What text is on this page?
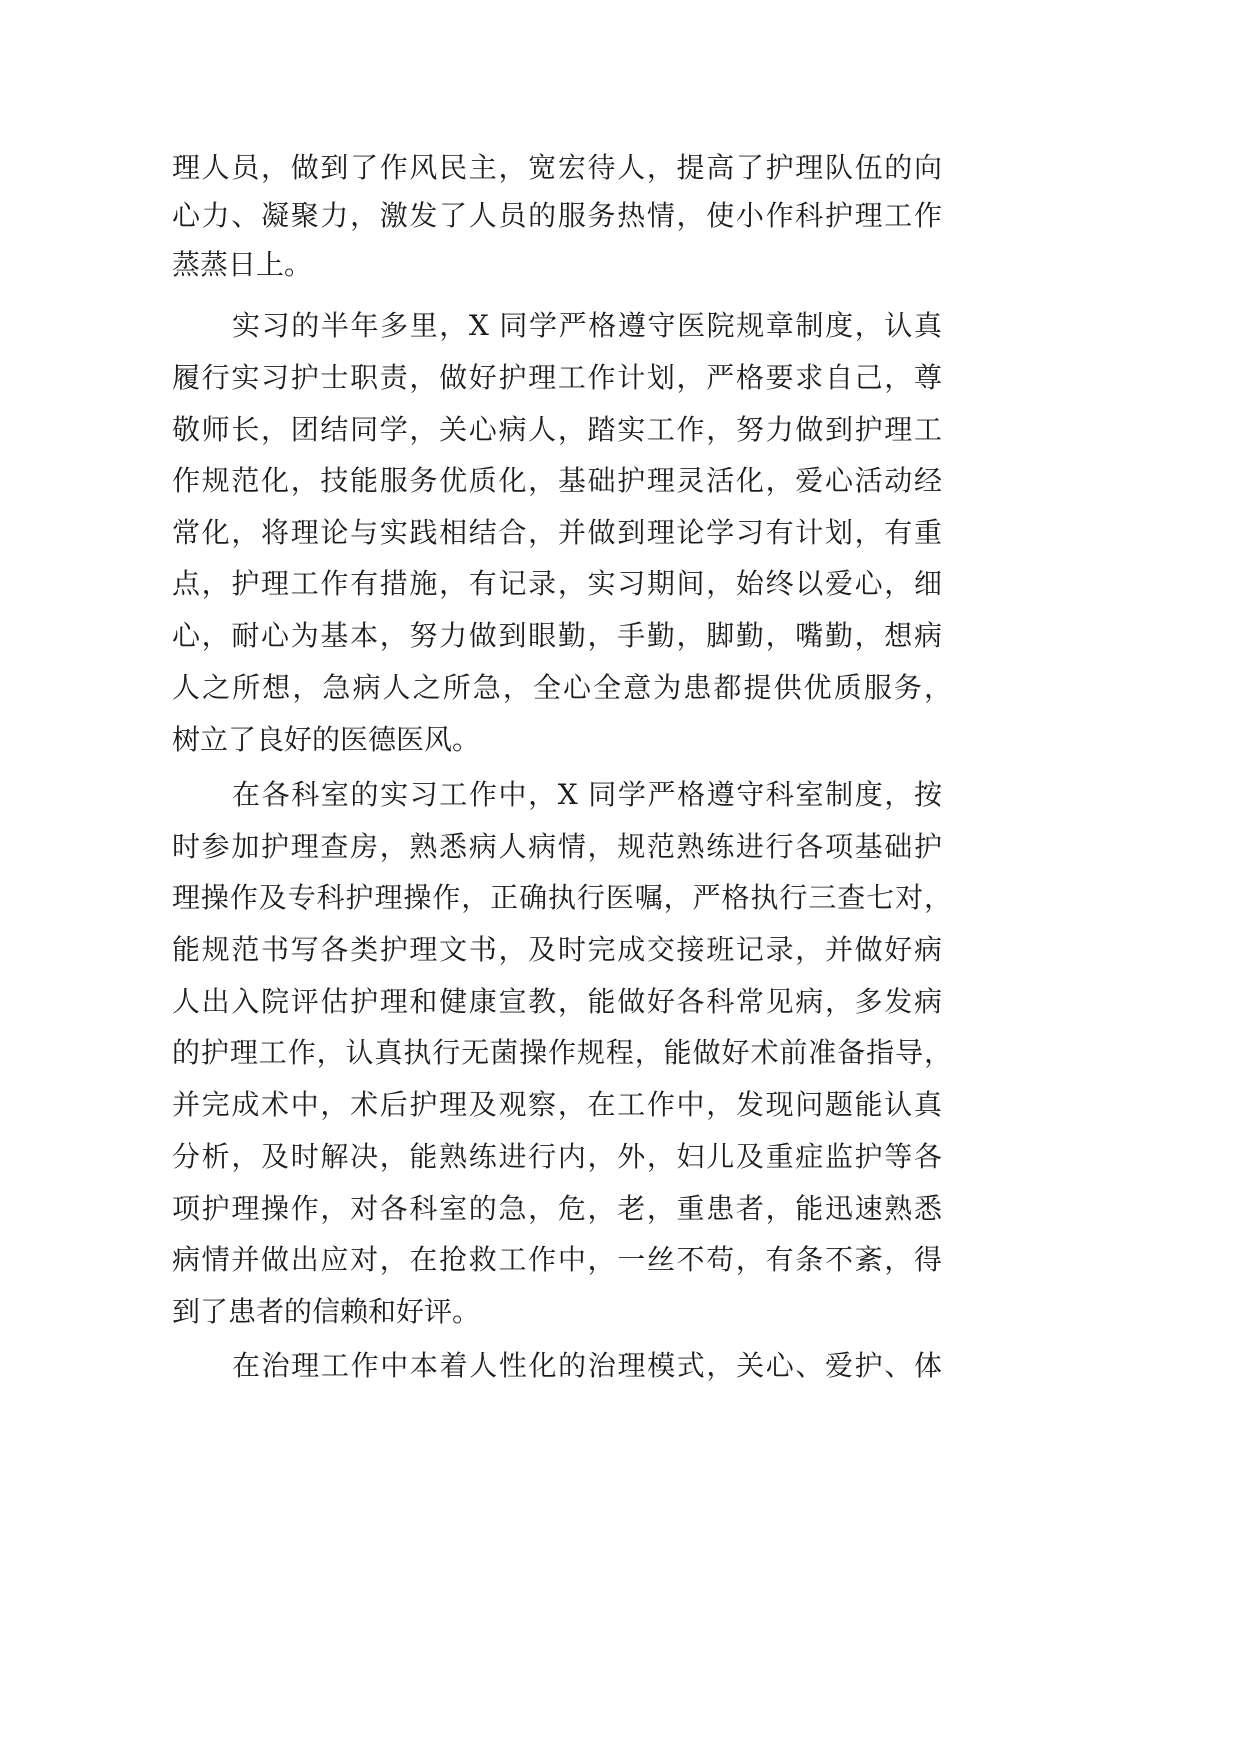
理人员，做到了作风民主，宽宏待人，提高了护理队伍的向
心力、凝聚力，激发了人员的服务热情，使小作科护理工作
蒸蒸日上。
实习的半年多里，X 同学严格遵守医院规章制度，认真
履行实习护士职责，做好护理工作计划，严格要求自己，尊
敬师长，团结同学，关心病人，踏实工作，努力做到护理工
作规范化，技能服务优质化，基础护理灵活化，爱心活动经
常化，将理论与实践相结合，并做到理论学习有计划，有重
点，护理工作有措施，有记录，实习期间，始终以爱心，细
心，耐心为基本，努力做到眼勤，手勤，脚勤，嘴勤，想病
人之所想，急病人之所急，全心全意为患都提供优质服务，
树立了良好的医德医风。
在各科室的实习工作中，X 同学严格遵守科室制度，按
时参加护理查房，熟悉病人病情，规范熟练进行各项基础护
理操作及专科护理操作，正确执行医嘱，严格执行三查七对，
能规范书写各类护理文书，及时完成交接班记录，并做好病
人出入院评估护理和健康宣教，能做好各科常见病，多发病
的护理工作，认真执行无菌操作规程，能做好术前准备指导，
并完成术中，术后护理及观察，在工作中，发现问题能认真
分析，及时解决，能熟练进行内，外，妇儿及重症监护等各
项护理操作，对各科室的急，危，老，重患者，能迅速熟悉
病情并做出应对，在抢救工作中，一丝不苟，有条不紊，得
到了患者的信赖和好评。
在治理工作中本着人性化的治理模式，关心、爱护、体
